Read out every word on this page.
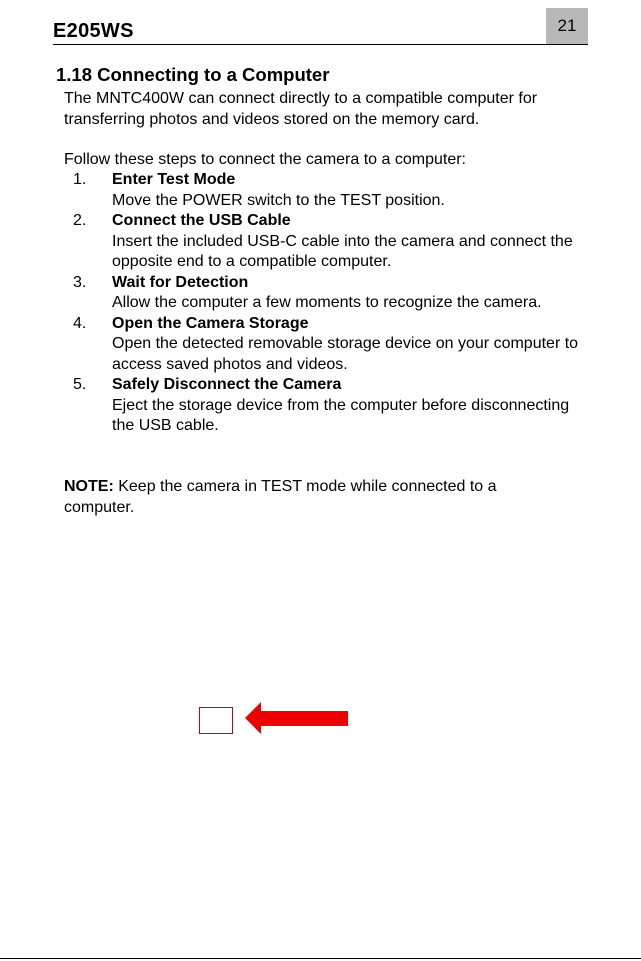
E205WS	21
1.18 Connecting to a Computer
The MNTC400W can connect directly to a compatible computer for transferring photos and videos stored on the memory card.
Follow these steps to connect the camera to a computer:
1. Enter Test Mode
Move the POWER switch to the TEST position.
2. Connect the USB Cable
Insert the included USB-C cable into the camera and connect the opposite end to a compatible computer.
3. Wait for Detection
Allow the computer a few moments to recognize the camera.
4. Open the Camera Storage
Open the detected removable storage device on your computer to access saved photos and videos.
5. Safely Disconnect the Camera
Eject the storage device from the computer before disconnecting the USB cable.
NOTE: Keep the camera in TEST mode while connected to a computer.
